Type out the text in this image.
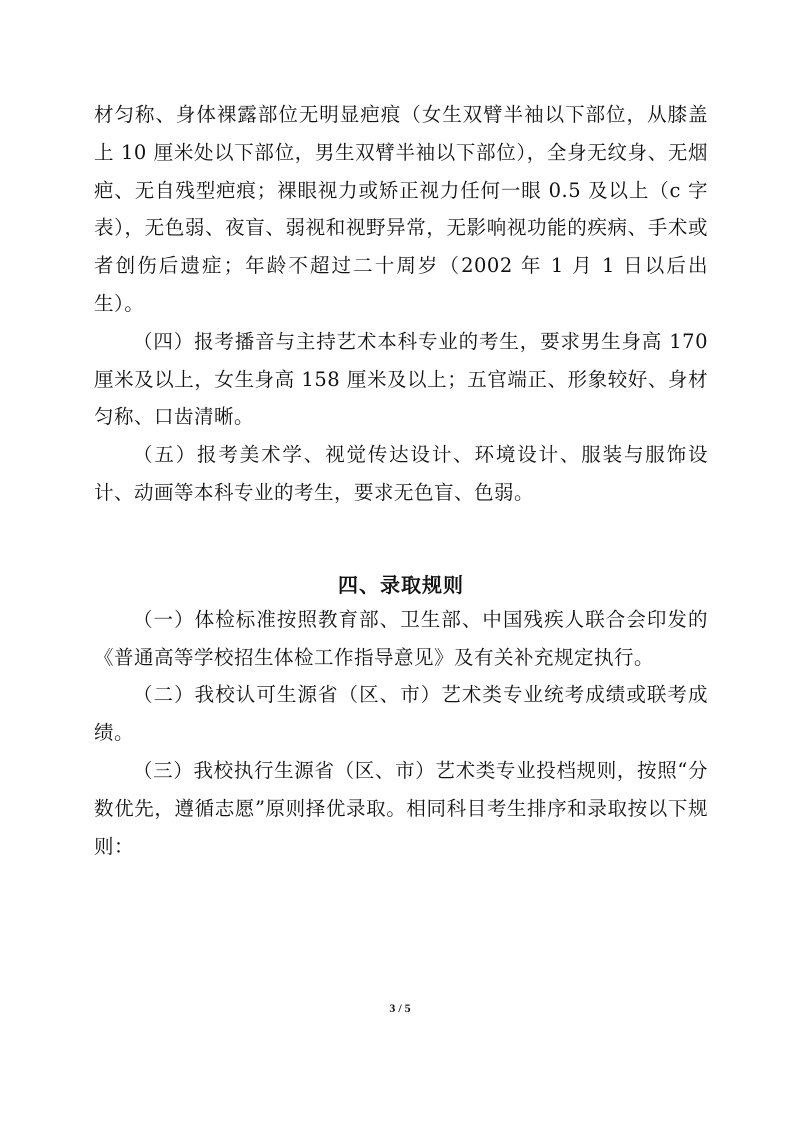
材匀称、身体裸露部位无明显疤痕（女生双臂半袖以下部位，从膝盖上 10 厘米处以下部位，男生双臂半袖以下部位），全身无纹身、无烟疤、无自残型疤痕；裸眼视力或矫正视力任何一眼 0.5 及以上（c 字表），无色弱、夜盲、弱视和视野异常，无影响视功能的疾病、手术或者创伤后遗症；年龄不超过二十周岁（2002 年 1 月 1 日以后出生）。

（四）报考播音与主持艺术本科专业的考生，要求男生身高 170 厘米及以上，女生身高 158 厘米及以上；五官端正、形象较好、身材匀称、口齿清晰。

（五）报考美术学、视觉传达设计、环境设计、服装与服饰设计、动画等本科专业的考生，要求无色盲、色弱。

四、录取规则

（一）体检标准按照教育部、卫生部、中国残疾人联合会印发的《普通高等学校招生体检工作指导意见》及有关补充规定执行。

（二）我校认可生源省（区、市）艺术类专业统考成绩或联考成绩。

（三）我校执行生源省（区、市）艺术类专业投档规则，按照“分数优先，遵循志愿”原则择优录取。相同科目考生排序和录取按以下规则：

3 / 5
